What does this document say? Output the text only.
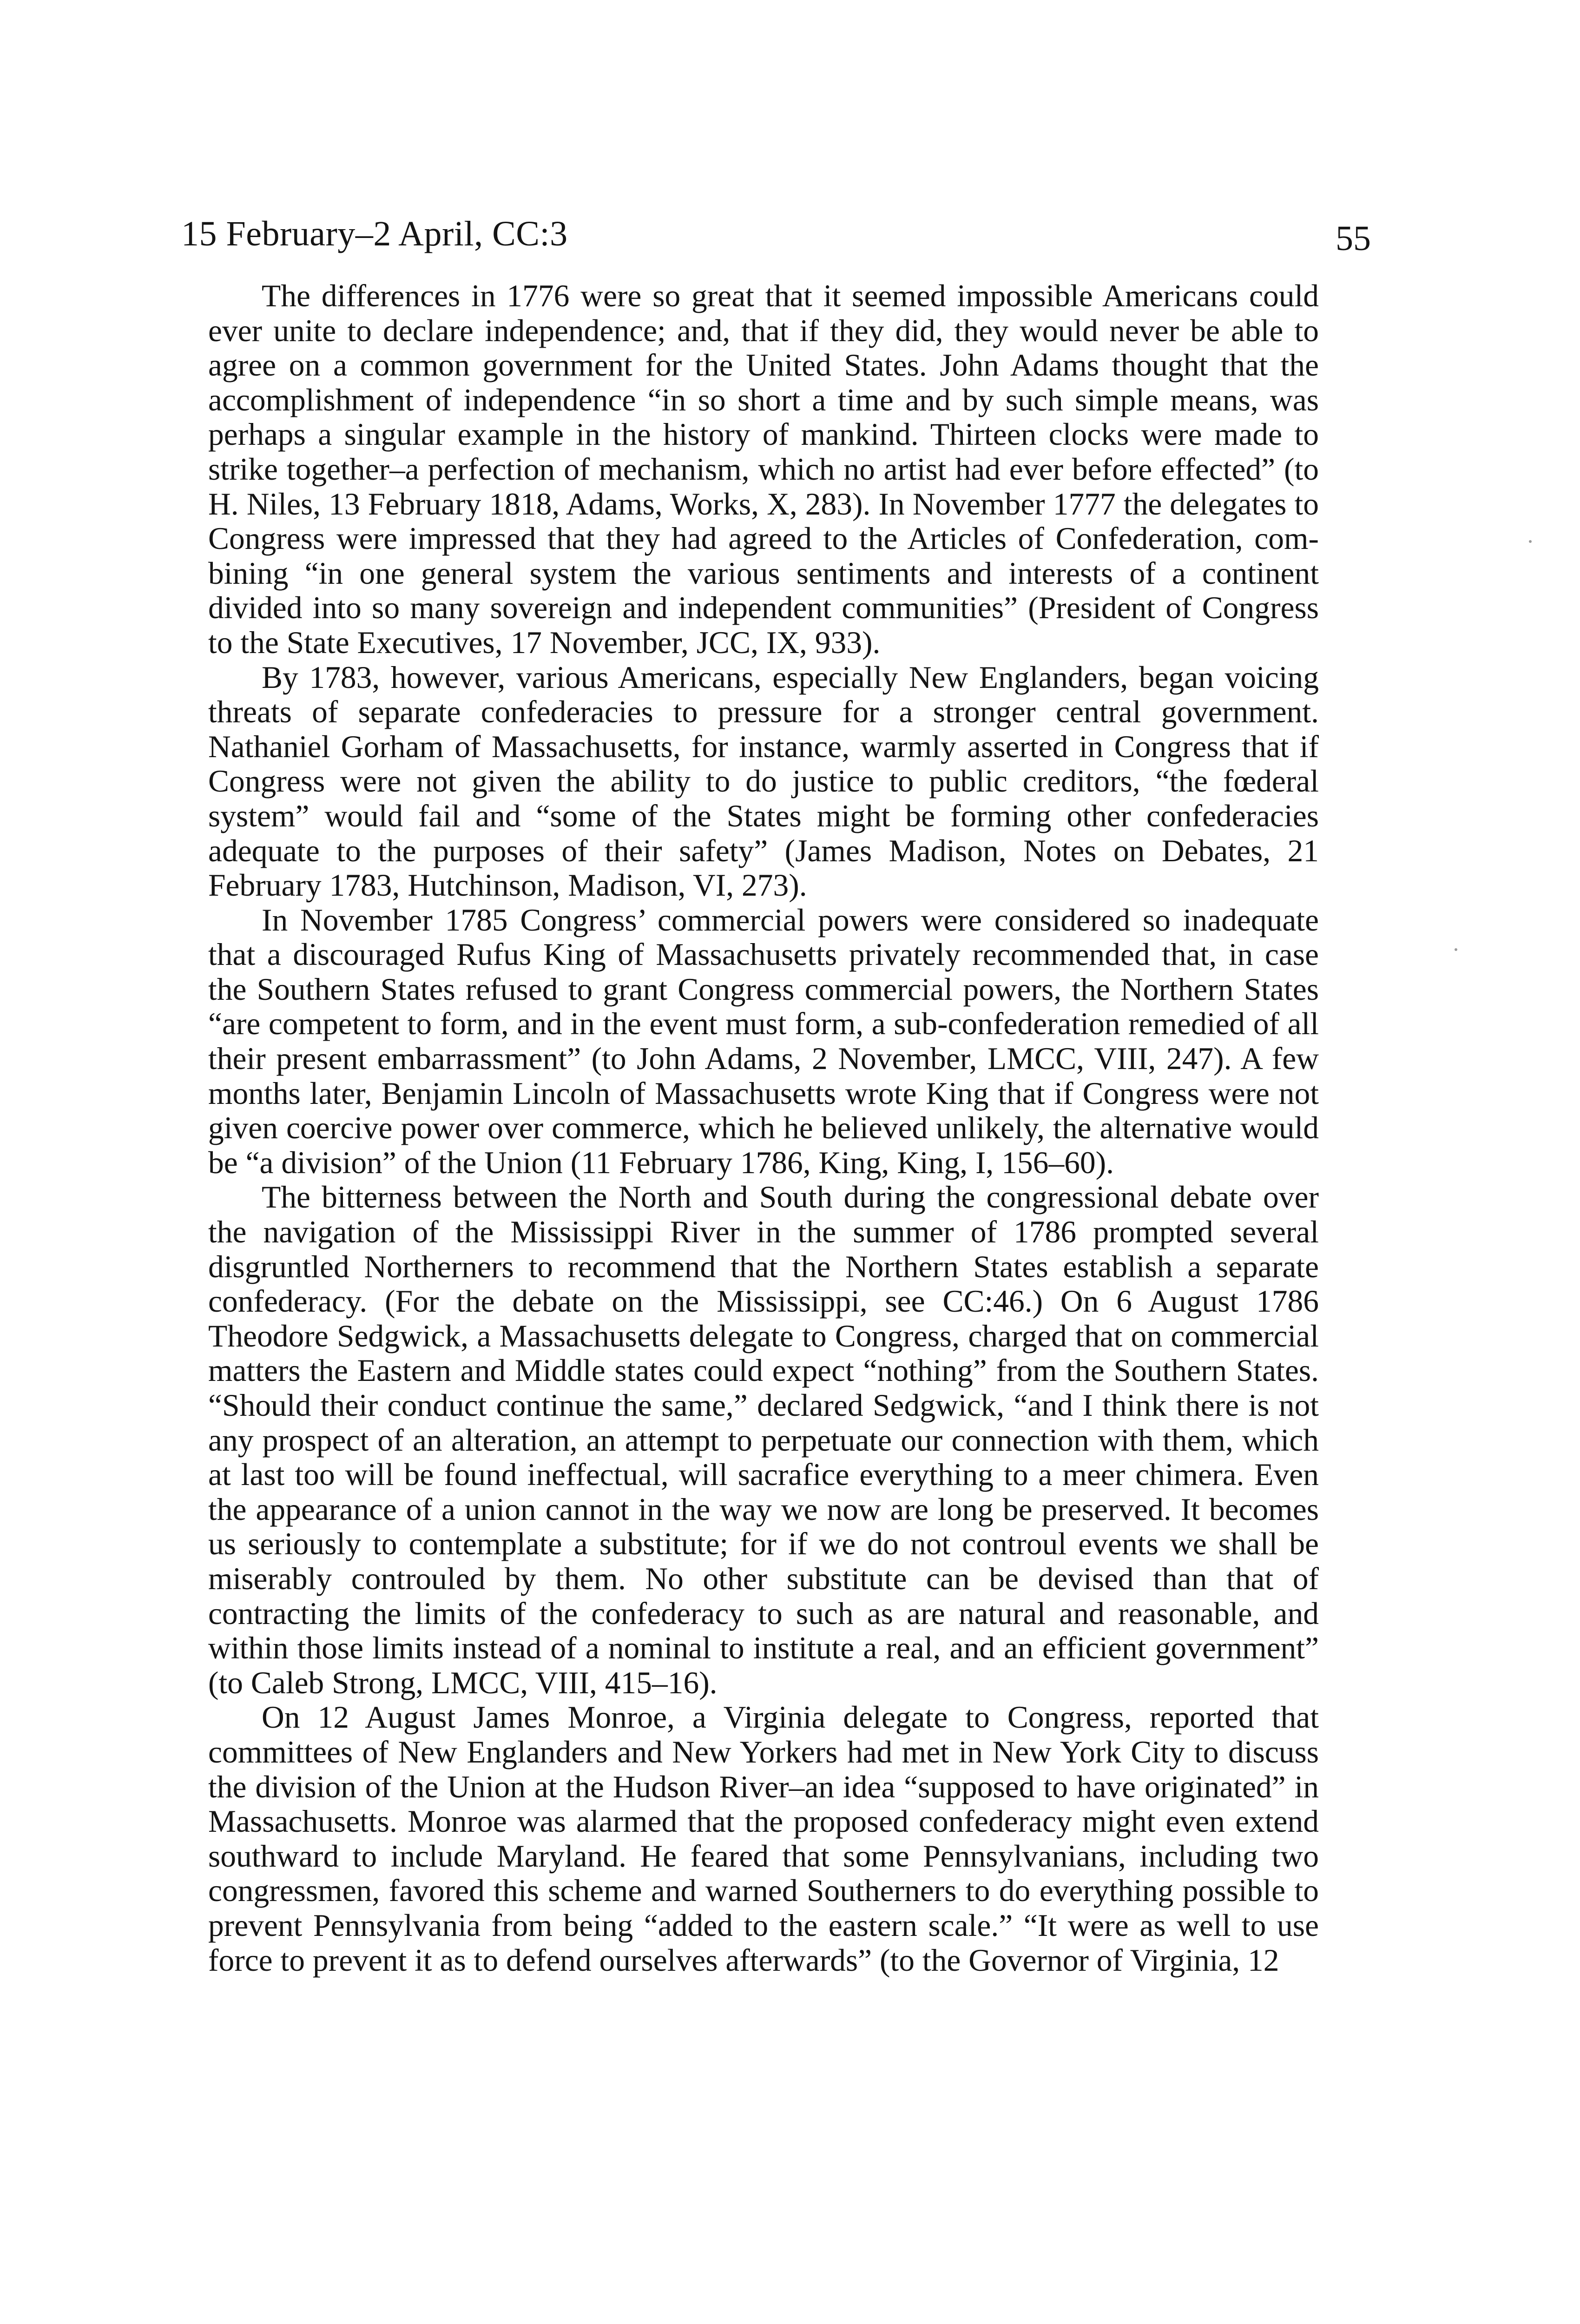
15 February–2 April, CC:3	55

The differences in 1776 were so great that it seemed impossible Americans could ever unite to declare independence; and, that if they did, they would never be able to agree on a common government for the United States. John Adams thought that the accomplishment of independence “in so short a time and by such simple means, was perhaps a singular example in the history of mankind. Thirteen clocks were made to strike together–a perfection of mechanism, which no artist had ever before effected” (to H. Niles, 13 February 1818, Adams, Works, X, 283). In November 1777 the delegates to Congress were impressed that they had agreed to the Articles of Confederation, combining “in one general system the various sentiments and interests of a continent divided into so many sovereign and independent communities” (President of Congress to the State Executives, 17 November, JCC, IX, 933).

By 1783, however, various Americans, especially New Englanders, began voicing threats of separate confederacies to pressure for a stronger central government. Nathaniel Gorham of Massachusetts, for instance, warmly asserted in Congress that if Congress were not given the ability to do justice to public creditors, “the fœderal system” would fail and “some of the States might be forming other confederacies adequate to the purposes of their safety” (James Madison, Notes on Debates, 21 February 1783, Hutchinson, Madison, VI, 273).

In November 1785 Congress’ commercial powers were considered so inadequate that a discouraged Rufus King of Massachusetts privately recommended that, in case the Southern States refused to grant Congress commercial powers, the Northern States “are competent to form, and in the event must form, a sub-confederation remedied of all their present embarrassment” (to John Adams, 2 November, LMCC, VIII, 247). A few months later, Benjamin Lincoln of Massachusetts wrote King that if Congress were not given coercive power over commerce, which he believed unlikely, the alternative would be “a division” of the Union (11 February 1786, King, King, I, 156–60).

The bitterness between the North and South during the congressional debate over the navigation of the Mississippi River in the summer of 1786 prompted several disgruntled Northerners to recommend that the Northern States establish a separate confederacy. (For the debate on the Mississippi, see CC:46.) On 6 August 1786 Theodore Sedgwick, a Massachusetts delegate to Congress, charged that on commercial matters the Eastern and Middle states could expect “nothing” from the Southern States. “Should their conduct continue the same,” declared Sedgwick, “and I think there is not any prospect of an alteration, an attempt to perpetuate our connection with them, which at last too will be found ineffectual, will sacrafice everything to a meer chimera. Even the appearance of a union cannot in the way we now are long be preserved. It becomes us seriously to contemplate a substitute; for if we do not controul events we shall be miserably controuled by them. No other substitute can be devised than that of contracting the limits of the confederacy to such as are natural and reasonable, and within those limits instead of a nominal to institute a real, and an efficient government” (to Caleb Strong, LMCC, VIII, 415–16).

On 12 August James Monroe, a Virginia delegate to Congress, reported that committees of New Englanders and New Yorkers had met in New York City to discuss the division of the Union at the Hudson River–an idea “supposed to have originated” in Massachusetts. Monroe was alarmed that the proposed confederacy might even extend southward to include Maryland. He feared that some Pennsylvanians, including two congressmen, favored this scheme and warned Southerners to do everything possible to prevent Pennsylvania from being “added to the eastern scale.” “It were as well to use force to prevent it as to defend ourselves afterwards” (to the Governor of Virginia, 12
